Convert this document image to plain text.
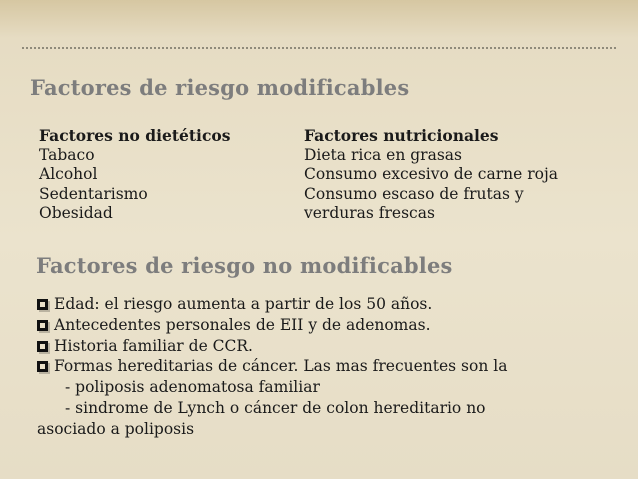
Factores de riesgo modificables
Factores no dietéticos
Tabaco
Alcohol
Sedentarismo
Obesidad
Factores nutricionales
Dieta rica en grasas
Consumo excesivo de carne roja
Consumo escaso de frutas y
verduras frescas
Factores de riesgo no modificables
Edad: el riesgo aumenta a partir de los 50 años.
Antecedentes personales de EII y de adenomas.
Historia familiar de CCR.
Formas hereditarias de cáncer. Las mas frecuentes son la
- poliposis adenomatosa familiar
- sindrome de Lynch o cáncer de colon hereditario no
asociado a poliposis
